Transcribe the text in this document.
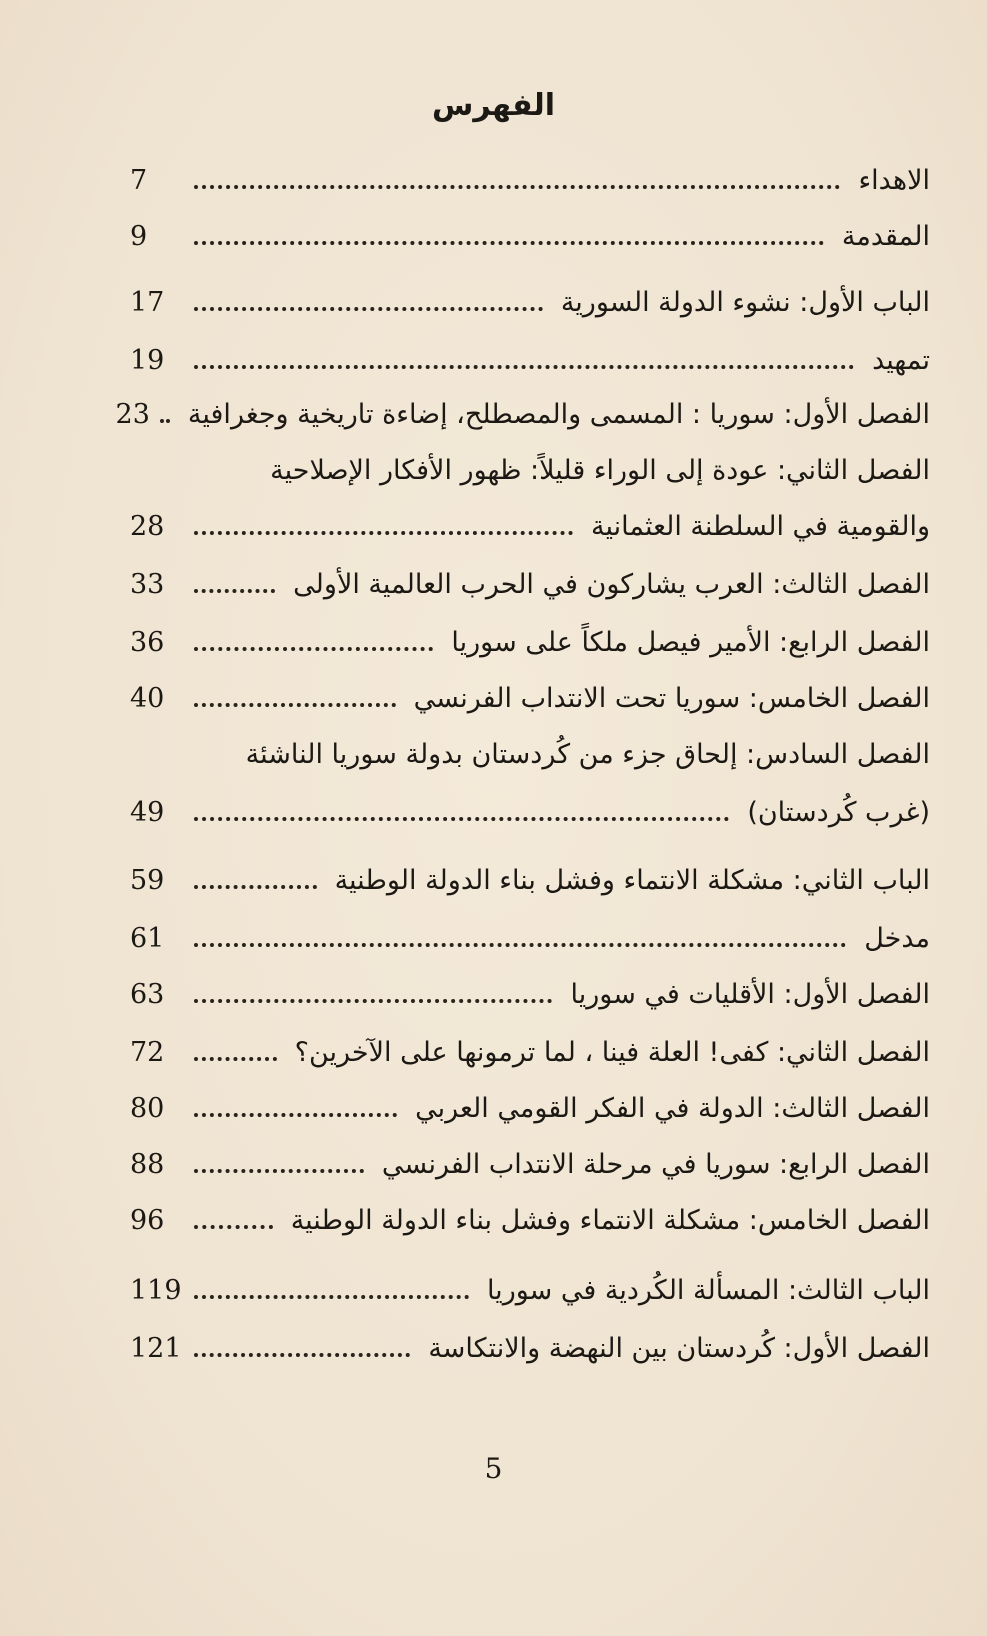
الفهرس
الاهداء
7
المقدمة
9
الباب الأول: نشوء الدولة السورية
17
تمهيد
19
الفصل الأول: سوريا : المسمى والمصطلح، إضاءة تاريخية وجغرافية
23
الفصل الثاني: عودة إلى الوراء قليلاً: ظهور الأفكار الإصلاحية
والقومية في السلطنة العثمانية
28
الفصل الثالث: العرب يشاركون في الحرب العالمية الأولى
33
الفصل الرابع: الأمير فيصل ملكاً على سوريا
36
الفصل الخامس: سوريا تحت الانتداب الفرنسي
40
الفصل السادس: إلحاق جزء من كُردستان بدولة سوريا الناشئة
(غرب كُردستان)
49
الباب الثاني: مشكلة الانتماء وفشل بناء الدولة الوطنية
59
مدخل
61
الفصل الأول: الأقليات في سوريا
63
الفصل الثاني: كفى! العلة فينا ، لما ترمونها على الآخرين؟
72
الفصل الثالث: الدولة في الفكر القومي العربي
80
الفصل الرابع: سوريا في مرحلة الانتداب الفرنسي
88
الفصل الخامس: مشكلة الانتماء وفشل بناء الدولة الوطنية
96
الباب الثالث: المسألة الكُردية في سوريا
119
الفصل الأول: كُردستان بين النهضة والانتكاسة
121
5
